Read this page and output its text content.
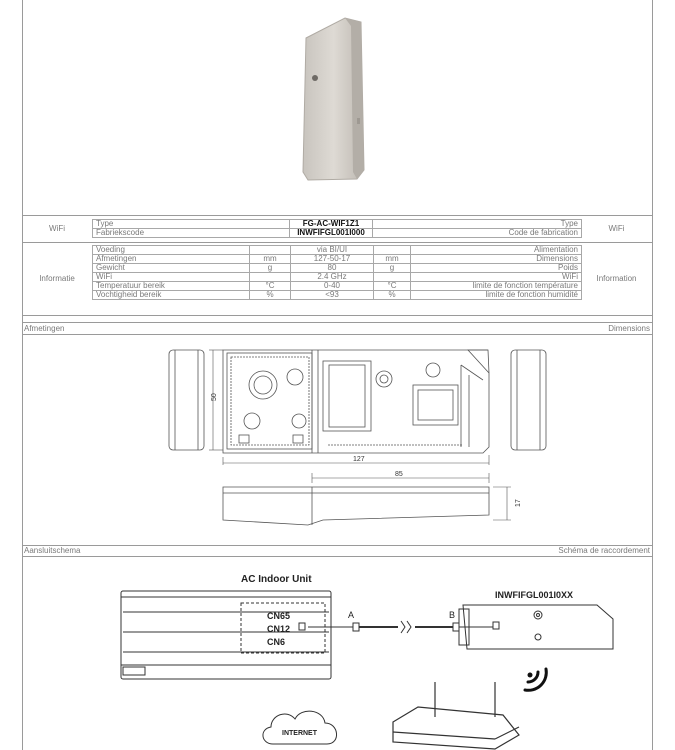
WiFi	WiFi
Type	FG-AC-WIF1Z1	Type
Fabriekscode	INWFIFGL001I000	Code de fabrication
Informatie	Information
Voeding		via BI/UI		Alimentation
Afmetingen	mm	127-50-17	mm	Dimensions
Gewicht	g	80	g	Poids
WiFi		2.4 GHz		WiFi
Temperatuur bereik	°C	0-40	°C	limite de fonction température
Vochtigheid bereik	%	<93	%	limite de fonction humidité
Afmetingen	Dimensions
50
127
85
17
Aansluitschema	Schéma de raccordement
AC Indoor Unit
CN65
CN12
CN6
A	B
INWFIFGL001I0XX
INTERNET
